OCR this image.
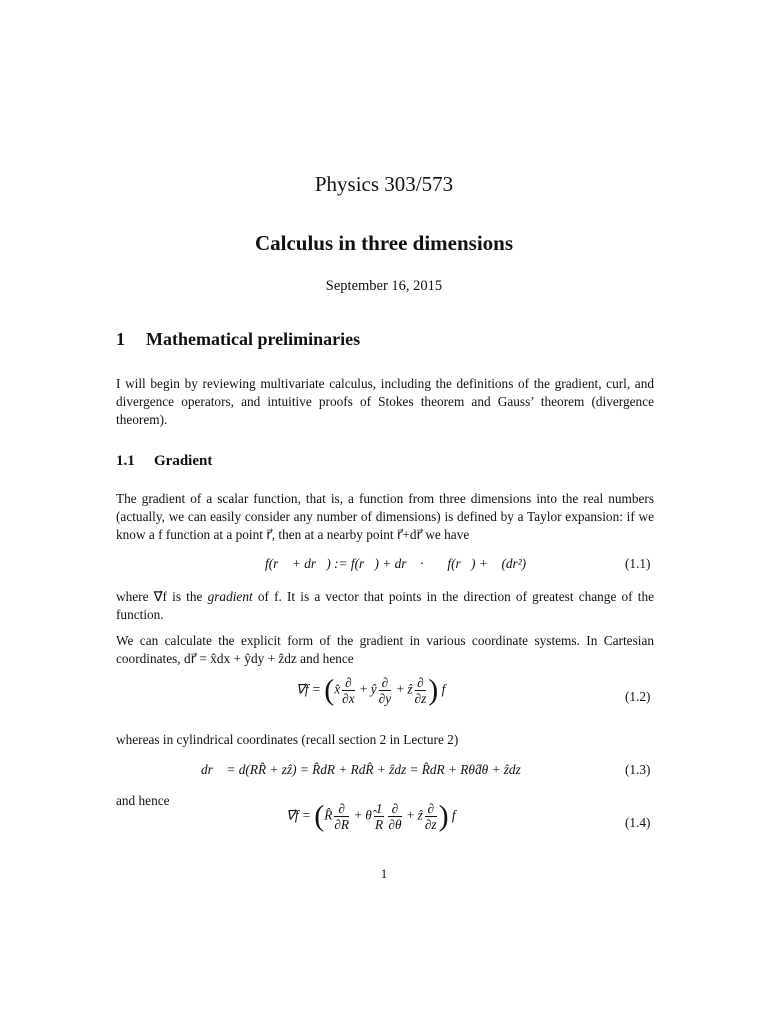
Physics 303/573
Calculus in three dimensions
September 16, 2015
1 Mathematical preliminaries
I will begin by reviewing multivariate calculus, including the definitions of the gradient, curl, and divergence operators, and intuitive proofs of Stokes theorem and Gauss’ theorem (divergence theorem).
1.1 Gradient
The gradient of a scalar function, that is, a function from three dimensions into the real numbers (actually, we can easily consider any number of dimensions) is defined by a Taylor expansion: if we know a f function at a point r⃗, then at a nearby point r⃗+dr⃗ we have
f(r⃗ + dr⃗) := f(r⃗) + dr⃗ · ∇⃗f(r⃗) + 𝒪(dr²)	(1.1)
where ∇⃗f is the gradient of f. It is a vector that points in the direction of greatest change of the function.
We can calculate the explicit form of the gradient in various coordinate systems. In Cartesian coordinates, dr⃗ = x̂dx + ŷdy + ẑdz and hence
∇⃗f = (x̂ $\frac{\partial}{\partial x}$ + ŷ $\frac{\partial}{\partial y}$ + ẑ $\frac{\partial}{\partial z}$ ) f	(1.2)
whereas in cylindrical coordinates (recall section 2 in Lecture 2)
dr⃗ = d(RR̂ + zẑ) = R̂dR + RdR̂ + ẑdz = R̂dR + Rθ̂dθ + ẑdz	(1.3)
and hence
∇⃗f = (R̂ $\frac{\partial}{\partial R}$ + θ̂ $\frac{1}{R} \frac{\partial}{\partial\theta}$ + ẑ $\frac{\partial}{\partial z}$ ) f	(1.4)
1
